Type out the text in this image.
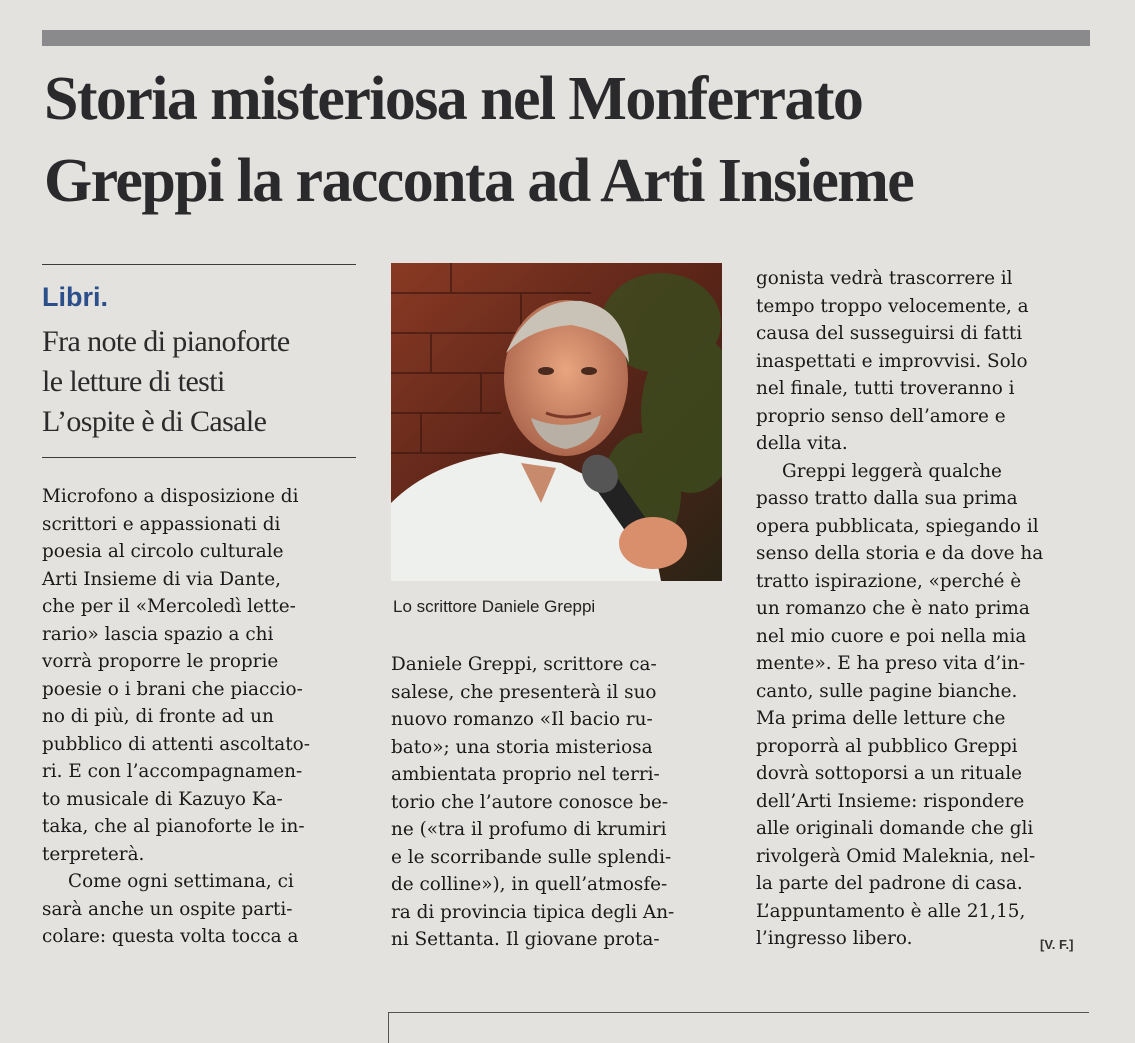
Storia misteriosa nel Monferrato
Greppi la racconta ad Arti Insieme
Libri.
Fra note di pianoforte
le letture di testi
L’ospite è di Casale
Microfono a disposizione di
scrittori e appassionati di
poesia al circolo culturale
Arti Insieme di via Dante,
che per il «Mercoledì lette-
rario» lascia spazio a chi
vorrà proporre le proprie
poesie o i brani che piacciо-
no di più, di fronte ad un
pubblico di attenti ascoltato-
ri. E con l’accompagnamen-
to musicale di Kazuyo Ka-
taka, che al pianoforte le in-
terpreterà.
Come ogni settimana, ci
sarà anche un ospite parti-
colare: questa volta tocca a
Lo scrittore Daniele Greppi
Daniele Greppi, scrittore ca-
salese, che presenterà il suo
nuovo romanzo «Il bacio ru-
bato»; una storia misteriosa
ambientata proprio nel terri-
torio che l’autore conosce be-
ne («tra il profumo di krumiri
e le scorribande sulle splendi-
de colline»), in quell’atmosfe-
ra di provincia tipica degli An-
ni Settanta. Il giovane prota-
gonista vedrà trascorrere il
tempo troppo velocemente, a
causa del susseguirsi di fatti
inaspettati e improvvisi. Solo
nel finale, tutti troveranno i
proprio senso dell’amore e
della vita.
Greppi leggerà qualche
passo tratto dalla sua prima
opera pubblicata, spiegando il
senso della storia e da dove ha
tratto ispirazione, «perché è
un romanzo che è nato prima
nel mio cuore e poi nella mia
mente». E ha preso vita d’in-
canto, sulle pagine bianche.
Ma prima delle letture che
proporrà al pubblico Greppi
dovrà sottoporsi a un rituale
dell’Arti Insieme: rispondere
alle originali domande che gli
rivolgerà Omid Maleknia, nel-
la parte del padrone di casa.
L’appuntamento è alle 21,15,
l’ingresso libero.	[V. F.]
